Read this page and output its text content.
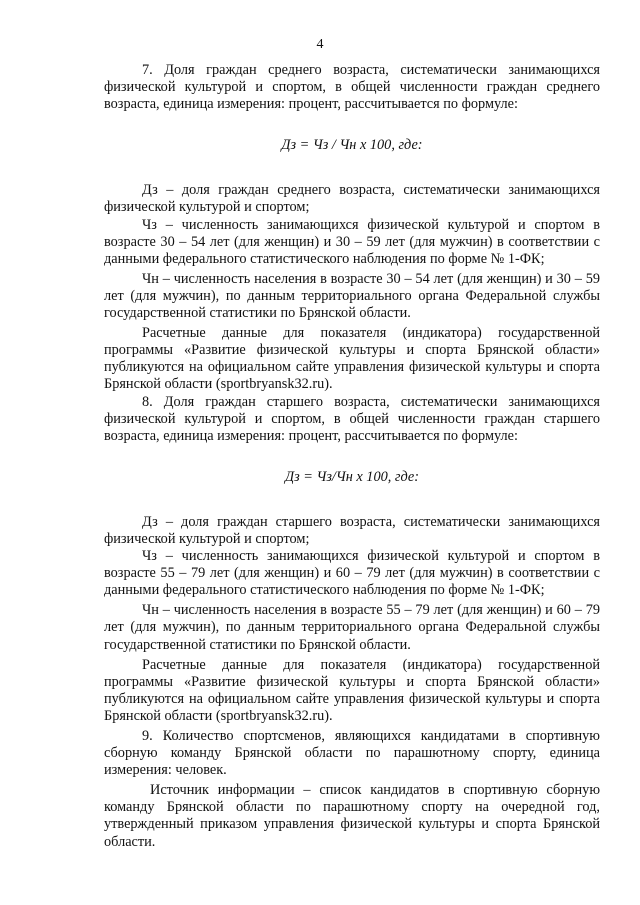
4

7. Доля граждан среднего возраста, систематически занимающихся физической культурой и спортом, в общей численности граждан среднего возраста, единица измерения: процент, рассчитывается по формуле:

Дз = Чз / Чн х 100, где:

Дз – доля граждан среднего возраста, систематически занимающихся физической культурой и спортом;

Чз – численность занимающихся физической культурой и спортом в возрасте 30 – 54 лет (для женщин) и 30 – 59 лет (для мужчин) в соответствии с данными федерального статистического наблюдения по форме № 1-ФК;

Чн – численность населения в возрасте 30 – 54 лет (для женщин) и 30 – 59 лет (для мужчин), по данным территориального органа Федеральной службы государственной статистики по Брянской области.

Расчетные данные для показателя (индикатора) государственной программы «Развитие физической культуры и спорта Брянской области» публикуются на официальном сайте управления физической культуры и спорта Брянской области (sportbryansk32.ru).

8. Доля граждан старшего возраста, систематически занимающихся физической культурой и спортом, в общей численности граждан старшего возраста, единица измерения: процент, рассчитывается по формуле:

Дз = Чз/Чн х 100, где:

Дз – доля граждан старшего возраста, систематически занимающихся физической культурой и спортом;

Чз – численность занимающихся физической культурой и спортом в возрасте 55 – 79 лет (для женщин) и 60 – 79 лет (для мужчин) в соответствии с данными федерального статистического наблюдения по форме № 1-ФК;

Чн – численность населения в возрасте 55 – 79 лет (для женщин) и 60 – 79 лет (для мужчин), по данным территориального органа Федеральной службы государственной статистики по Брянской области.

Расчетные данные для показателя (индикатора) государственной программы «Развитие физической культуры и спорта Брянской области» публикуются на официальном сайте управления физической культуры и спорта Брянской области (sportbryansk32.ru).

9. Количество спортсменов, являющихся кандидатами в спортивную сборную команду Брянской области по парашютному спорту, единица измерения: человек.

Источник информации – список кандидатов в спортивную сборную команду Брянской области по парашютному спорту на очередной год, утвержденный приказом управления физической культуры и спорта Брянской области.
